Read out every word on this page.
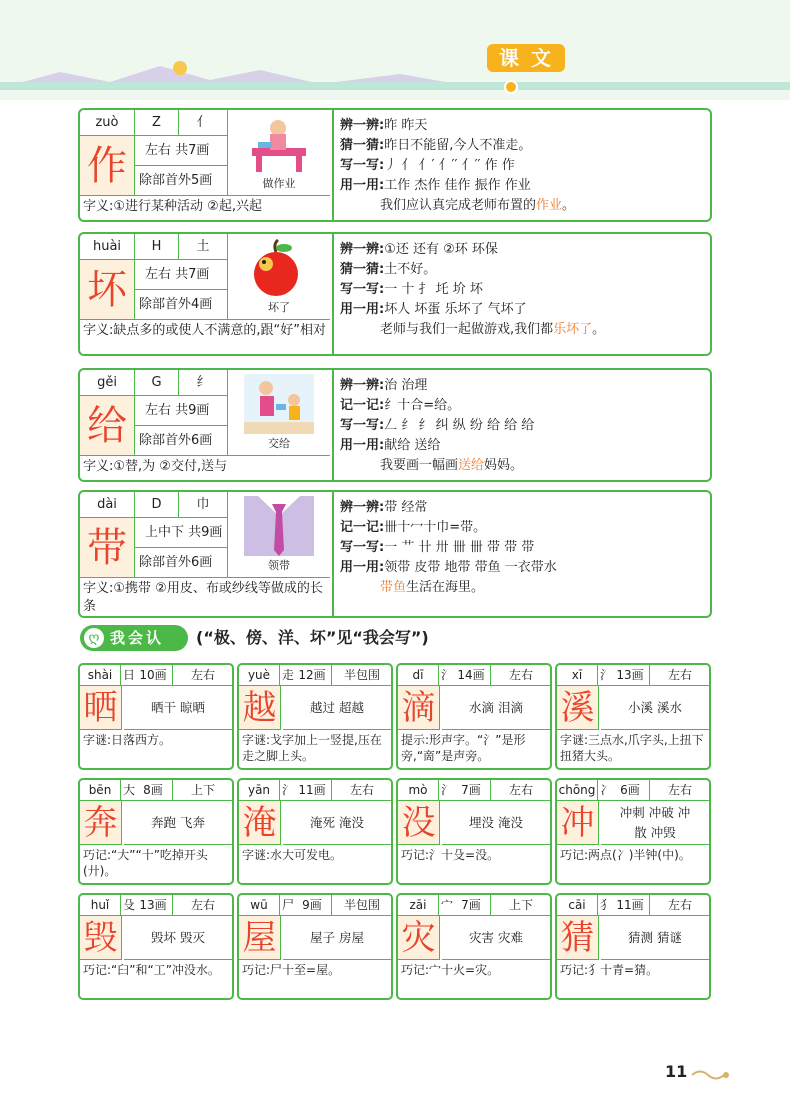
课文
zuò	Z	亻
作	左右 共7画
除部首外5画	做作业
字义:①进行某种活动 ②起,兴起
辨一辨:昨 昨天
猜一猜:昨日不能留,今人不准走。
写一写:丿 亻 亻′ 亻′′ 亻′′ 作 作
用一用:工作 杰作 佳作 振作 作业
我们应认真完成老师布置的作业。
huài	H	土
坏	左右 共7画
除部首外4画	坏了
字义:缺点多的或使人不满意的,跟“好”相对
辨一辨:①还 还有 ②环 环保
猜一猜:土不好。
写一写:一 十 扌 圫 圿 坏
用一用:坏人 坏蛋 乐坏了 气坏了
老师与我们一起做游戏,我们都乐坏了。
gěi	G	纟
给	左右 共9画
除部首外6画	交给
字义:①替,为 ②交付,送与
辨一辨:治 治理
记一记:纟十合=给。
写一写:𠃋 纟 纟 纠 纵 纷 给 给 给
用一用:献给 送给
我要画一幅画送给妈妈。
dài	D	巾
带	上中下 共9画
除部首外6画	领带
字义:①携带 ②用皮、布或纱线等做成的长条
辨一辨:带 经常
记一记:卌十冖十巾=带。
写一写:一 艹 卄 卅 卌 卌 带 带 带
用一用:领带 皮带 地带 带鱼 一衣带水
带鱼生活在海里。
我会认
ღ	(“极、傍、洋、坏”见“我会写”)
shài 日 10画	左右
晒	晒干 晾晒
字谜:日落西方。
yuè 走 12画	半包围
越	越过 超越
字谜:戈字加上一竖提,压在走之脚上头。
dī	氵 14画	左右
滴	水滴 泪滴
提示:形声字。“氵”是形旁,“啇”是声旁。
xī	氵 13画	左右
溪	小溪 溪水
字谜:三点水,爪字头,上扭下扭猪大头。
bēn 大 8画	上下
奔	奔跑 飞奔
巧记:“大”“十”吃掉开头(廾)。
yān 氵 11画	左右
淹	淹死 淹没
字谜:水大可发电。
mò	氵 7画	左右
没	埋没 淹没
巧记:氵十殳=没。
chōng 冫 6画	左右
冲	冲刺 冲破 冲散 冲毁
巧记:两点(冫)半钟(中)。
huǐ	殳 13画	左右
毁	毁坏 毁灭
巧记:“臼”和“工”冲没水。
wū	尸 9画	半包围
屋	屋子 房屋
巧记:尸十至=屋。
zāi	宀 7画	上下
灾	灾害 灾难
巧记:宀十火=灾。
cāi	犭 11画	左右
猜	猜测 猜谜
巧记:犭十青=猜。
11
